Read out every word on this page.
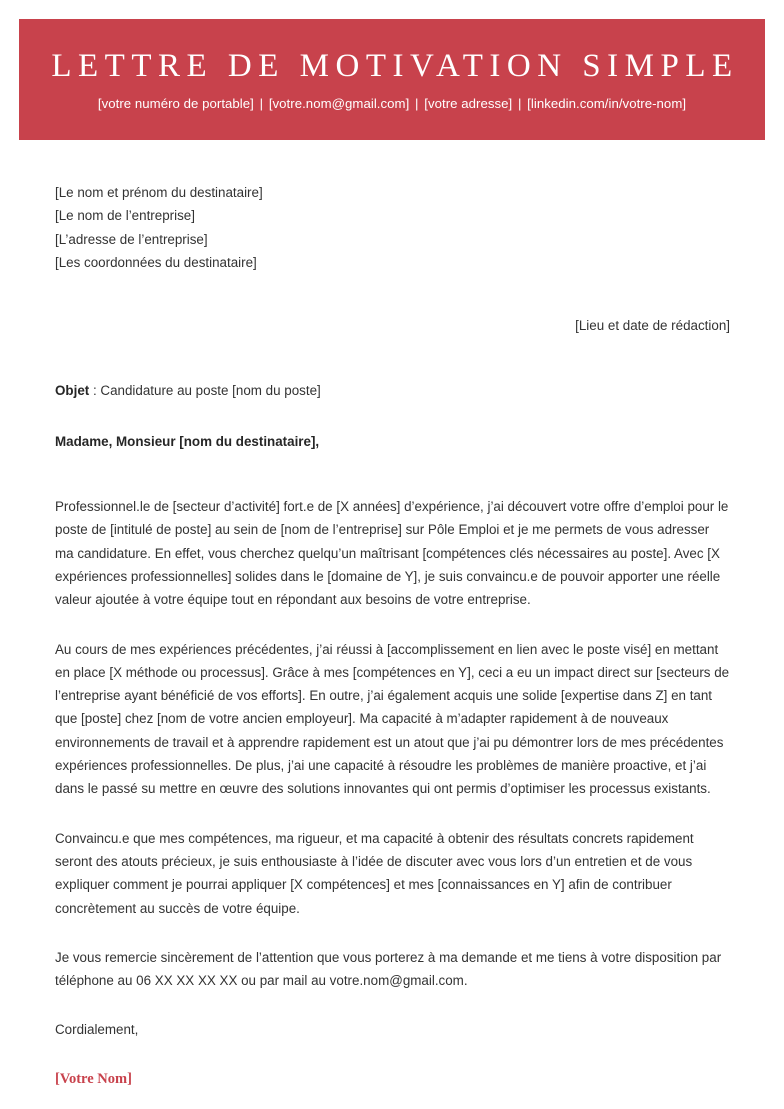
LETTRE DE MOTIVATION SIMPLE
[votre numéro de portable] | [votre.nom@gmail.com] | [votre adresse] | [linkedin.com/in/votre-nom]
[Le nom et prénom du destinataire]
[Le nom de l’entreprise]
[L’adresse de l’entreprise]
[Les coordonnées du destinataire]
[Lieu et date de rédaction]
Objet : Candidature au poste [nom du poste]
Madame, Monsieur [nom du destinataire],

Professionnel.le de [secteur d’activité] fort.e de [X années] d’expérience, j’ai découvert votre offre d’emploi pour le poste de [intitulé de poste] au sein de [nom de l’entreprise] sur Pôle Emploi et je me permets de vous adresser ma candidature. En effet, vous cherchez quelqu’un maîtrisant [compétences clés nécessaires au poste]. Avec [X expériences professionnelles] solides dans le [domaine de Y], je suis convaincu.e de pouvoir apporter une réelle valeur ajoutée à votre équipe tout en répondant aux besoins de votre entreprise.

Au cours de mes expériences précédentes, j’ai réussi à [accomplissement en lien avec le poste visé] en mettant en place [X méthode ou processus]. Grâce à mes [compétences en Y], ceci a eu un impact direct sur [secteurs de l’entreprise ayant bénéficié de vos efforts]. En outre, j’ai également acquis une solide [expertise dans Z] en tant que [poste] chez [nom de votre ancien employeur]. Ma capacité à m’adapter rapidement à de nouveaux environnements de travail et à apprendre rapidement est un atout que j’ai pu démontrer lors de mes précédentes expériences professionnelles. De plus, j’ai une capacité à résoudre les problèmes de manière proactive, et j’ai dans le passé su mettre en œuvre des solutions innovantes qui ont permis d’optimiser les processus existants.

Convaincu.e que mes compétences, ma rigueur, et ma capacité à obtenir des résultats concrets rapidement seront des atouts précieux, je suis enthousiaste à l’idée de discuter avec vous lors d’un entretien et de vous expliquer comment je pourrai appliquer [X compétences] et mes [connaissances en Y] afin de contribuer concrètement au succès de votre équipe.

Je vous remercie sincèrement de l’attention que vous porterez à ma demande et me tiens à votre disposition par téléphone au 06 XX XX XX XX ou par mail au votre.nom@gmail.com.

Cordialement,
[Votre Nom]
